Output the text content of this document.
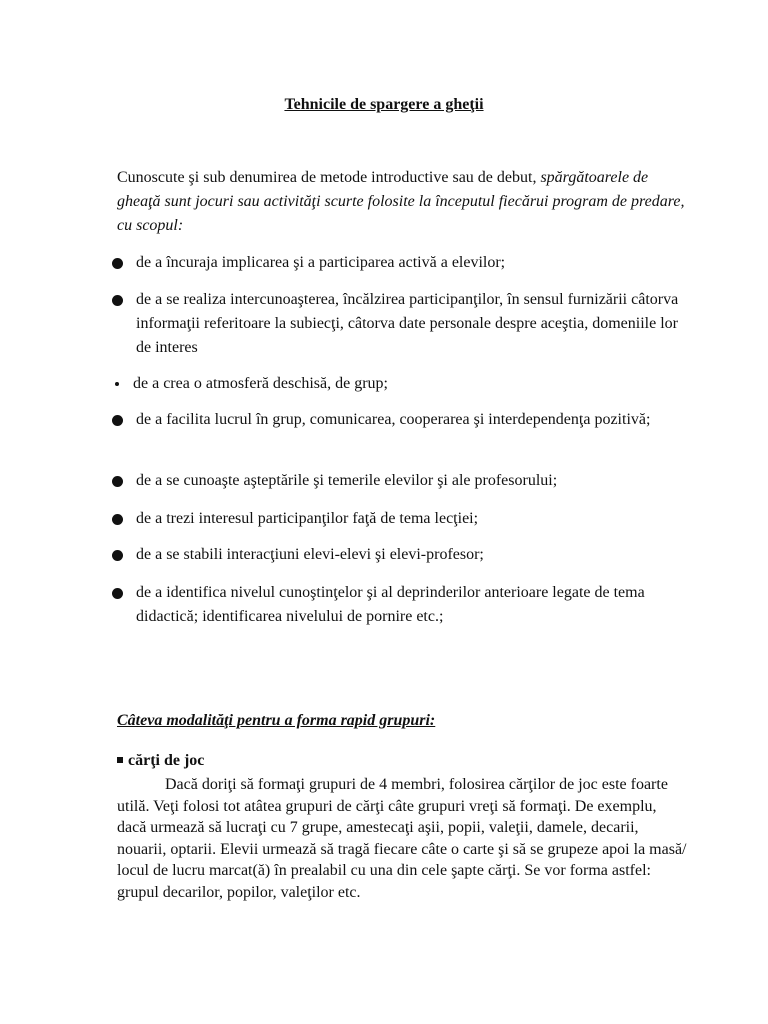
Tehnicile de spargere a gheţii

Cunoscute şi sub denumirea de metode introductive sau de debut, spărgătoarele de gheaţă sunt jocuri sau activităţi scurte folosite la începutul fiecărui program de predare, cu scopul:

de a încuraja implicarea şi a participarea activă a elevilor;
de a se realiza intercunoaşterea, încălzirea participanţilor, în sensul furnizării câtorva informaţii referitoare la subiecţi, câtorva date personale despre aceştia, domeniile lor de interes
de a crea o atmosferă deschisă, de grup;
de a facilita lucrul în grup, comunicarea, cooperarea şi interdependenţa pozitivă;
de a se cunoaşte aşteptările şi temerile elevilor şi ale profesorului;
de a trezi interesul participanţilor faţă de tema lecţiei;
de a se stabili interacţiuni elevi-elevi şi elevi-profesor;
de a identifica nivelul cunoştinţelor şi al deprinderilor anterioare legate de tema didactică; identificarea nivelului de pornire etc.;
Câteva modalităţi pentru a forma rapid grupuri:
cărţi de joc

Dacă doriţi să formaţi grupuri de 4 membri, folosirea cărţilor de joc este foarte utilă. Veţi folosi tot atâtea grupuri de cărţi câte grupuri vreţi să formaţi. De exemplu, dacă urmează să lucraţi cu 7 grupe, amestecaţi aşii, popii, valeţii, damele, decarii, nouarii, optarii. Elevii urmează să tragă fiecare câte o carte şi să se grupeze apoi la masă/ locul de lucru marcat(ă) în prealabil cu una din cele şapte cărţi. Se vor forma astfel: grupul decarilor, popilor, valeţilor etc.
